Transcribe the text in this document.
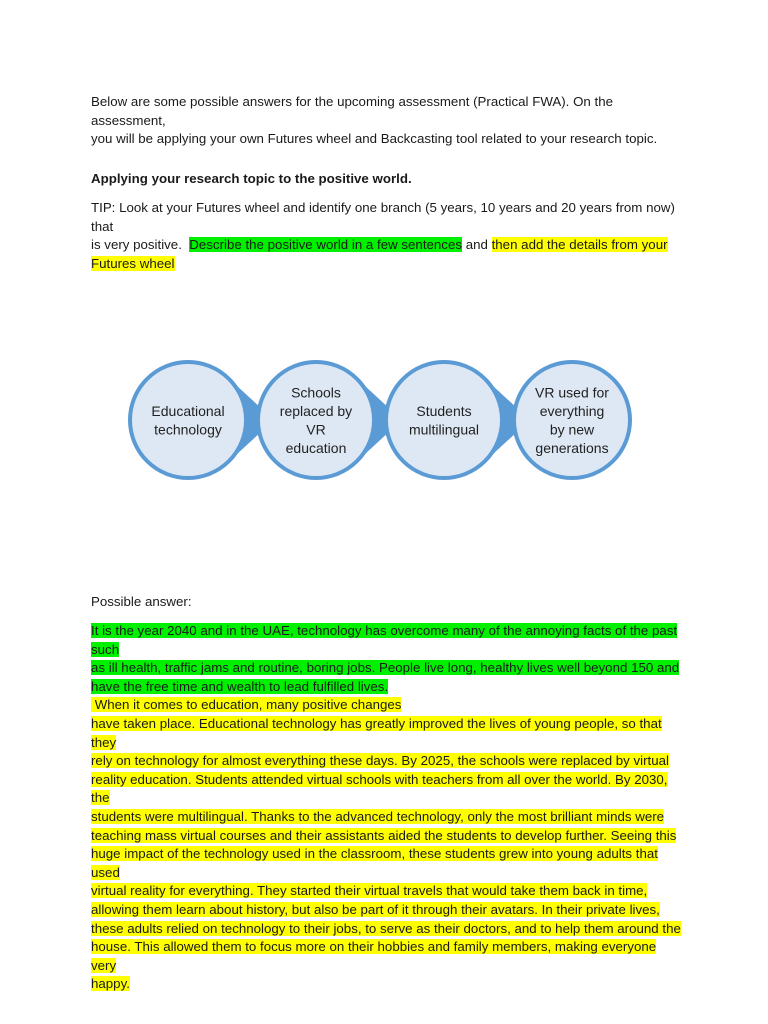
Below are some possible answers for the upcoming assessment (Practical FWA). On the assessment,
you will be applying your own Futures wheel and Backcasting tool related to your research topic.
Applying your research topic to the positive world.
TIP: Look at your Futures wheel and identify one branch (5 years, 10 years and 20 years from now) that
is very positive.  Describe the positive world in a few sentences and then add the details from your
Futures wheel
Educational
technology
Schools
replaced by
VR
education
Students
multilingual
VR used for
everything
by new
generations
Possible answer:
It is the year 2040 and in the UAE, technology has overcome many of the annoying facts of the past such
as ill health, traffic jams and routine, boring jobs. People live long, healthy lives well beyond 150 and
have the free time and wealth to lead fulfilled lives. When it comes to education, many positive changes
have taken place. Educational technology has greatly improved the lives of young people, so that they
rely on technology for almost everything these days. By 2025, the schools were replaced by virtual
reality education. Students attended virtual schools with teachers from all over the world. By 2030, the
students were multilingual. Thanks to the advanced technology, only the most brilliant minds were
teaching mass virtual courses and their assistants aided the students to develop further. Seeing this
huge impact of the technology used in the classroom, these students grew into young adults that used
virtual reality for everything. They started their virtual travels that would take them back in time,
allowing them learn about history, but also be part of it through their avatars. In their private lives,
these adults relied on technology to their jobs, to serve as their doctors, and to help them around the
house. This allowed them to focus more on their hobbies and family members, making everyone very
happy.
